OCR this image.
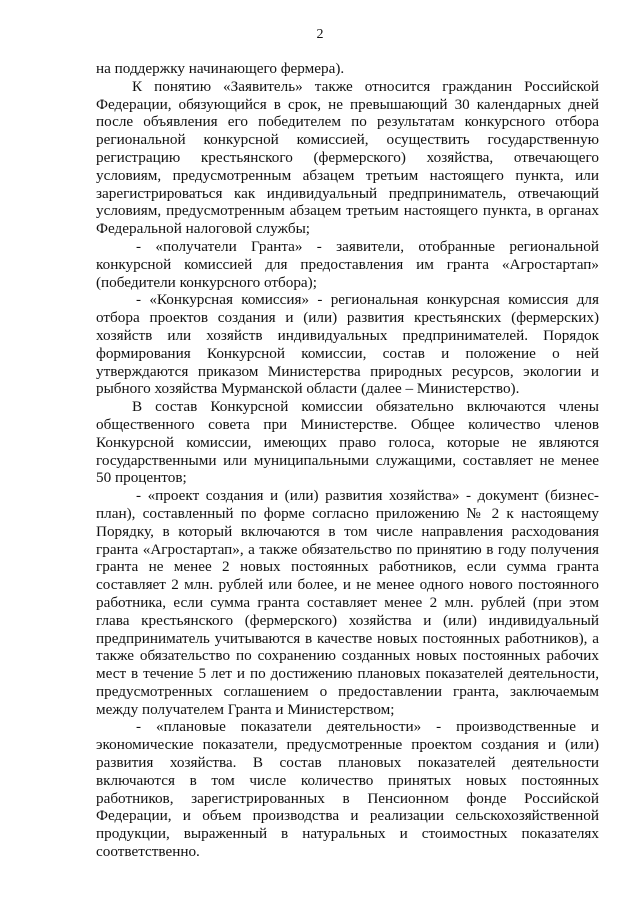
2

на поддержку начинающего фермера).

К понятию «Заявитель» также относится гражданин Российской Федерации, обязующийся в срок, не превышающий 30 календарных дней после объявления его победителем по результатам конкурсного отбора региональной конкурсной комиссией, осуществить государственную регистрацию крестьянского (фермерского) хозяйства, отвечающего условиям, предусмотренным абзацем третьим настоящего пункта, или зарегистрироваться как индивидуальный предприниматель, отвечающий условиям, предусмотренным абзацем третьим настоящего пункта, в органах Федеральной налоговой службы;

- «получатели Гранта» - заявители, отобранные региональной конкурсной комиссией для предоставления им гранта «Агростартап» (победители конкурсного отбора);

- «Конкурсная комиссия» - региональная конкурсная комиссия для отбора проектов создания и (или) развития крестьянских (фермерских) хозяйств или хозяйств индивидуальных предпринимателей. Порядок формирования Конкурсной комиссии, состав и положение о ней утверждаются приказом Министерства природных ресурсов, экологии и рыбного хозяйства Мурманской области (далее – Министерство).

В состав Конкурсной комиссии обязательно включаются члены общественного совета при Министерстве. Общее количество членов Конкурсной комиссии, имеющих право голоса, которые не являются государственными или муниципальными служащими, составляет не менее 50 процентов;

- «проект создания и (или) развития хозяйства» - документ (бизнес-план), составленный по форме согласно приложению № 2 к настоящему Порядку, в который включаются в том числе направления расходования гранта «Агростартап», а также обязательство по принятию в году получения гранта не менее 2 новых постоянных работников, если сумма гранта составляет 2 млн. рублей или более, и не менее одного нового постоянного работника, если сумма гранта составляет менее 2 млн. рублей (при этом глава крестьянского (фермерского) хозяйства и (или) индивидуальный предприниматель учитываются в качестве новых постоянных работников), а также обязательство по сохранению созданных новых постоянных рабочих мест в течение 5 лет и по достижению плановых показателей деятельности, предусмотренных соглашением о предоставлении гранта, заключаемым между получателем Гранта и Министерством;

- «плановые показатели деятельности» - производственные и экономические показатели, предусмотренные проектом создания и (или) развития хозяйства. В состав плановых показателей деятельности включаются в том числе количество принятых новых постоянных работников, зарегистрированных в Пенсионном фонде Российской Федерации, и объем производства и реализации сельскохозяйственной продукции, выраженный в натуральных и стоимостных показателях соответственно.
